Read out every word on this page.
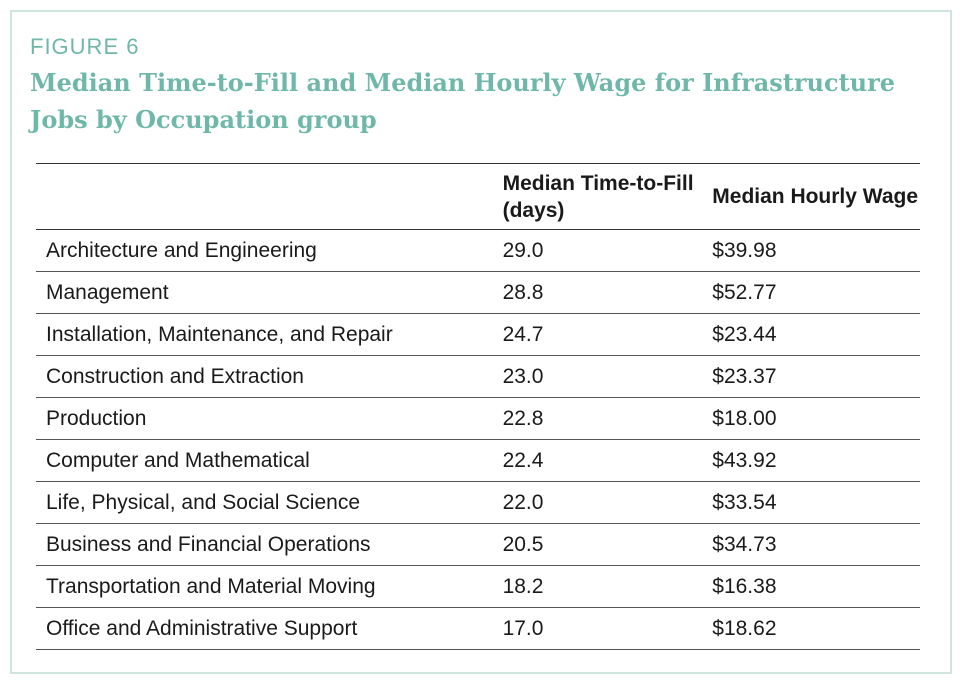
FIGURE 6
Median Time-to-Fill and Median Hourly Wage for Infrastructure Jobs by Occupation group
	Median Time-to-Fill (days)	Median Hourly Wage
Architecture and Engineering	29.0	$39.98
Management	28.8	$52.77
Installation, Maintenance, and Repair	24.7	$23.44
Construction and Extraction	23.0	$23.37
Production	22.8	$18.00
Computer and Mathematical	22.4	$43.92
Life, Physical, and Social Science	22.0	$33.54
Business and Financial Operations	20.5	$34.73
Transportation and Material Moving	18.2	$16.38
Office and Administrative Support	17.0	$18.62
